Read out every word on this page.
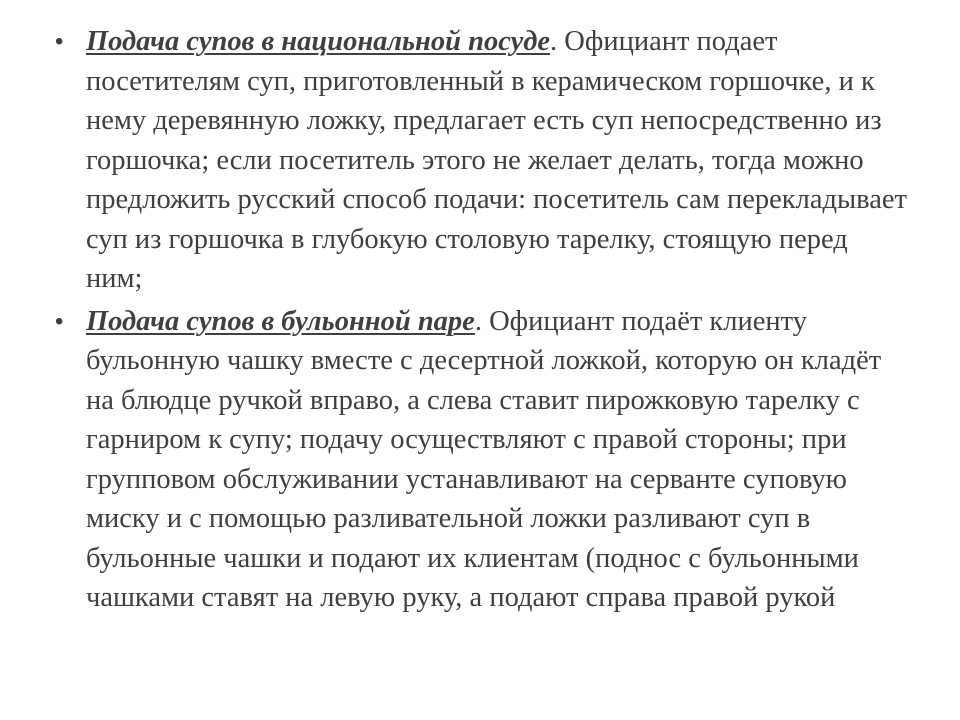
• Подача супов в национальной посуде. Официант подает посетителям суп, приготовленный в керамическом горшочке, и к нему деревянную ложку, предлагает есть суп непосредственно из горшочка; если посетитель этого не желает делать, тогда можно предложить русский способ подачи: посетитель сам перекладывает суп из горшочка в глубокую столовую тарелку, стоящую перед ним;
• Подача супов в бульонной паре. Официант подаёт клиенту бульонную чашку вместе с десертной ложкой, которую он кладёт на блюдце ручкой вправо, а слева ставит пирожковую тарелку с гарниром к супу; подачу осуществляют с правой стороны; при групповом обслуживании устанавливают на серванте суповую миску и с помощью разливательной ложки разливают суп в бульонные чашки и подают их клиентам (поднос с бульонными чашками ставят на левую руку, а подают справа правой рукой
